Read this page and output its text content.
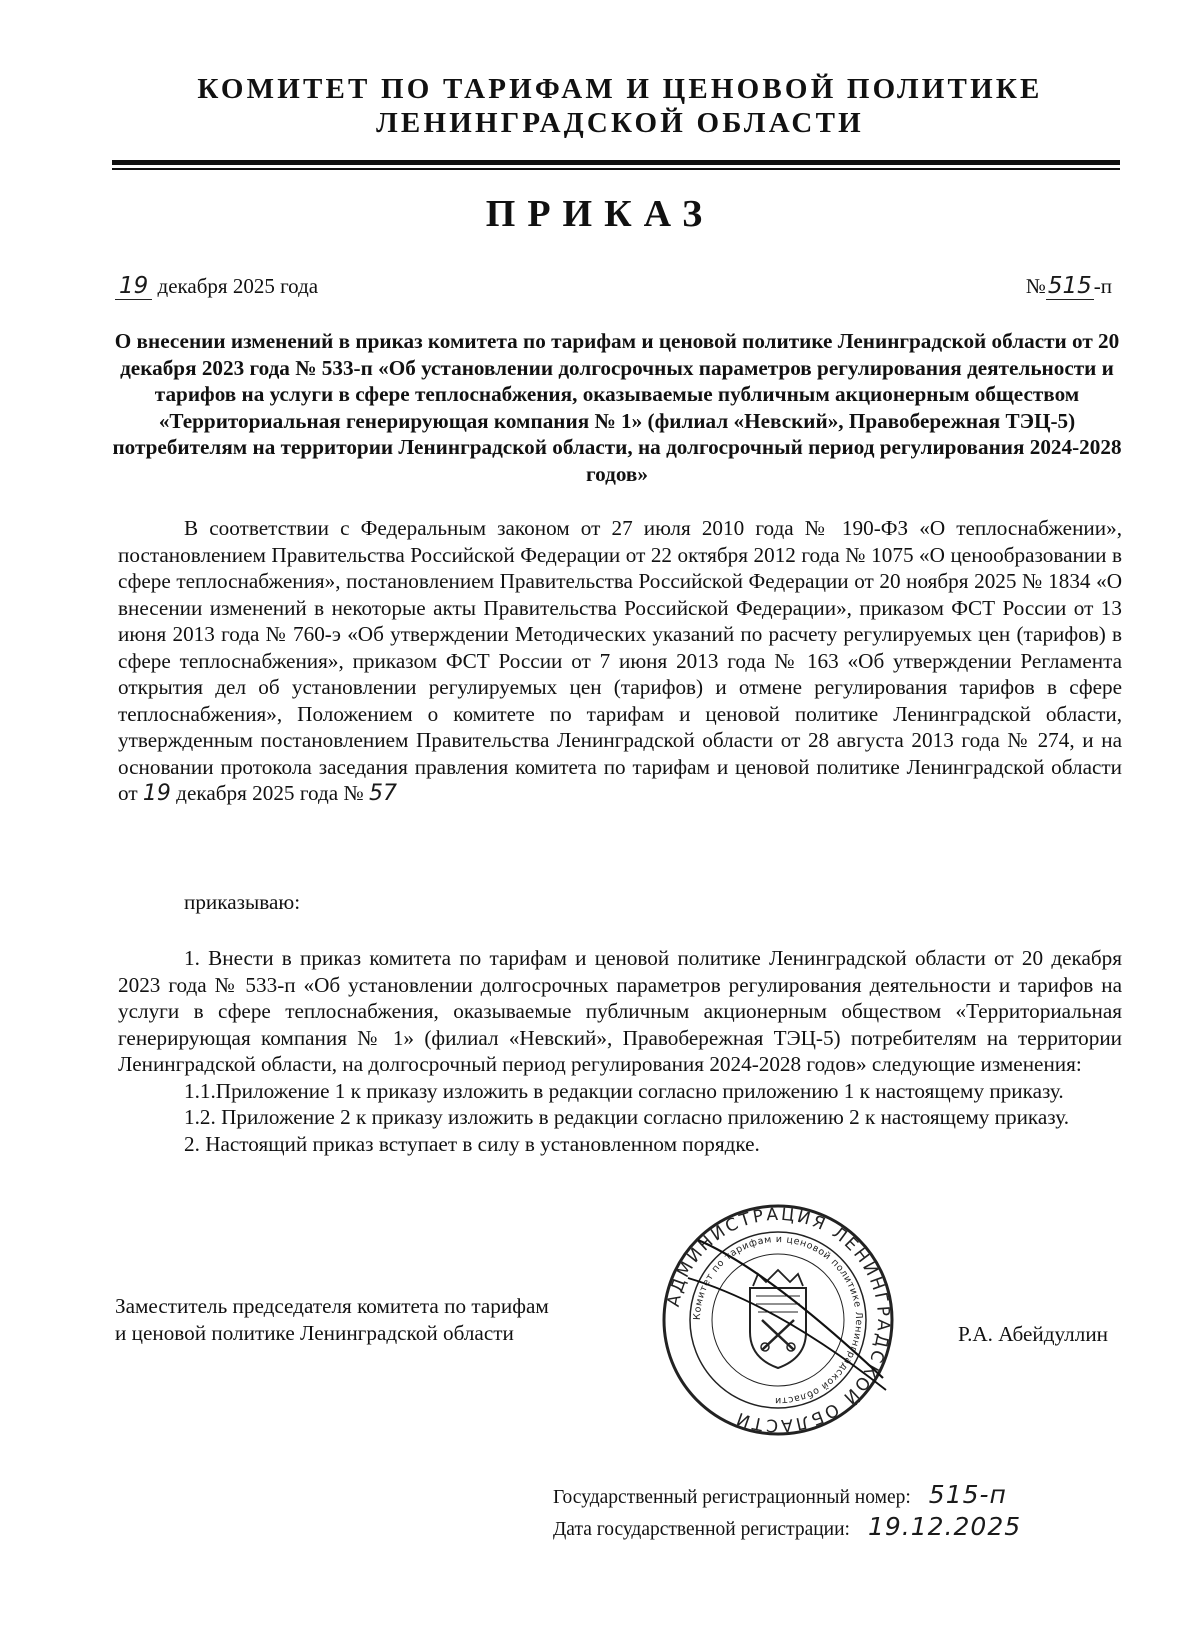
КОМИТЕТ ПО ТАРИФАМ И ЦЕНОВОЙ ПОЛИТИКЕ
ЛЕНИНГРАДСКОЙ ОБЛАСТИ
ПРИКАЗ
19 декабря 2025 года	№515-п
О внесении изменений в приказ комитета по тарифам и ценовой политике Ленинградской области от 20 декабря 2023 года № 533-п «Об установлении долгосрочных параметров регулирования деятельности и тарифов на услуги в сфере теплоснабжения, оказываемые публичным акционерным обществом «Территориальная генерирующая компания № 1» (филиал «Невский», Правобережная ТЭЦ-5) потребителям на территории Ленинградской области, на долгосрочный период регулирования 2024-2028 годов»

В соответствии с Федеральным законом от 27 июля 2010 года № 190-ФЗ «О теплоснабжении», постановлением Правительства Российской Федерации от 22 октября 2012 года № 1075 «О ценообразовании в сфере теплоснабжения», постановлением Правительства Российской Федерации от 20 ноября 2025 № 1834 «О внесении изменений в некоторые акты Правительства Российской Федерации», приказом ФСТ России от 13 июня 2013 года № 760-э «Об утверждении Методических указаний по расчету регулируемых цен (тарифов) в сфере теплоснабжения», приказом ФСТ России от 7 июня 2013 года № 163 «Об утверждении Регламента открытия дел об установлении регулируемых цен (тарифов) и отмене регулирования тарифов в сфере теплоснабжения», Положением о комитете по тарифам и ценовой политике Ленинградской области, утвержденным постановлением Правительства Ленинградской области от 28 августа 2013 года № 274, и на основании протокола заседания правления комитета по тарифам и ценовой политике Ленинградской области от 19 декабря 2025 года № 57

приказываю:

1. Внести в приказ комитета по тарифам и ценовой политике Ленинградской области от 20 декабря 2023 года № 533-п «Об установлении долгосрочных параметров регулирования деятельности и тарифов на услуги в сфере теплоснабжения, оказываемые публичным акционерным обществом «Территориальная генерирующая компания № 1» (филиал «Невский», Правобережная ТЭЦ-5) потребителям на территории Ленинградской области, на долгосрочный период регулирования 2024-2028 годов» следующие изменения:

1.1.Приложение 1 к приказу изложить в редакции согласно приложению 1 к настоящему приказу.

1.2. Приложение 2 к приказу изложить в редакции согласно приложению 2 к настоящему приказу.

2. Настоящий приказ вступает в силу в установленном порядке.

Заместитель председателя комитета по тарифам
и ценовой политике Ленинградской области
АДМИНИСТРАЦИЯ ЛЕНИНГРАДСКОЙ ОБЛАСТИ
Комитет по тарифам и ценовой политике Ленинградской области
Р.А. Абейдуллин
Государственный регистрационный номер: 515-п
Дата государственной регистрации: 19.12.2025
